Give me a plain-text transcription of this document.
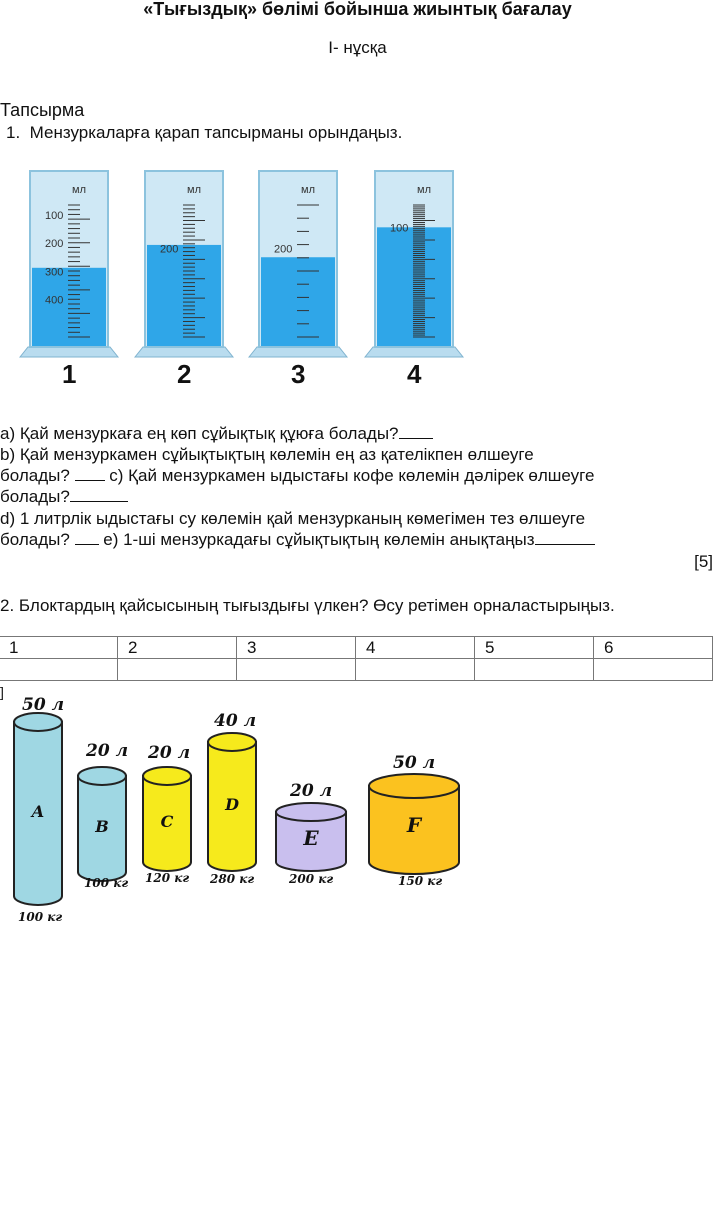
«Тығыздық» бөлімі бойынша жиынтық бағалау
І- нұсқа
Тапсырма
1. Мензуркаларға қарап тапсырманы орындаңыз.
мл
400
300
200
100
1
мл
200
2
мл
200
3
мл
100
4
a) Қай мензуркаға ең көп сұйықтық құюға болады?
b) Қай мензуркамен сұйықтықтың көлемін ең аз қателікпен өлшеуге
болады?  c) Қай мензуркамен ыдыстағы кофе көлемін дәлірек өлшеуге
болады?
d) 1 литрлік ыдыстағы су көлемін қай мензурканың көмегімен тез өлшеуге
болады?  e) 1-ші мензуркадағы сұйықтықтың көлемін анықтаңыз
[5]
2. Блоктардың қайсысының тығыздығы үлкен? Өсу ретімен орналастырыңыз.
1	2	3	4	5	6

]
A
50 л
100 кг
B
20 л
100 кг
C
20 л
120 кг
D
40 л
280 кг
E
20 л
200 кг
F
50 л
150 кг
